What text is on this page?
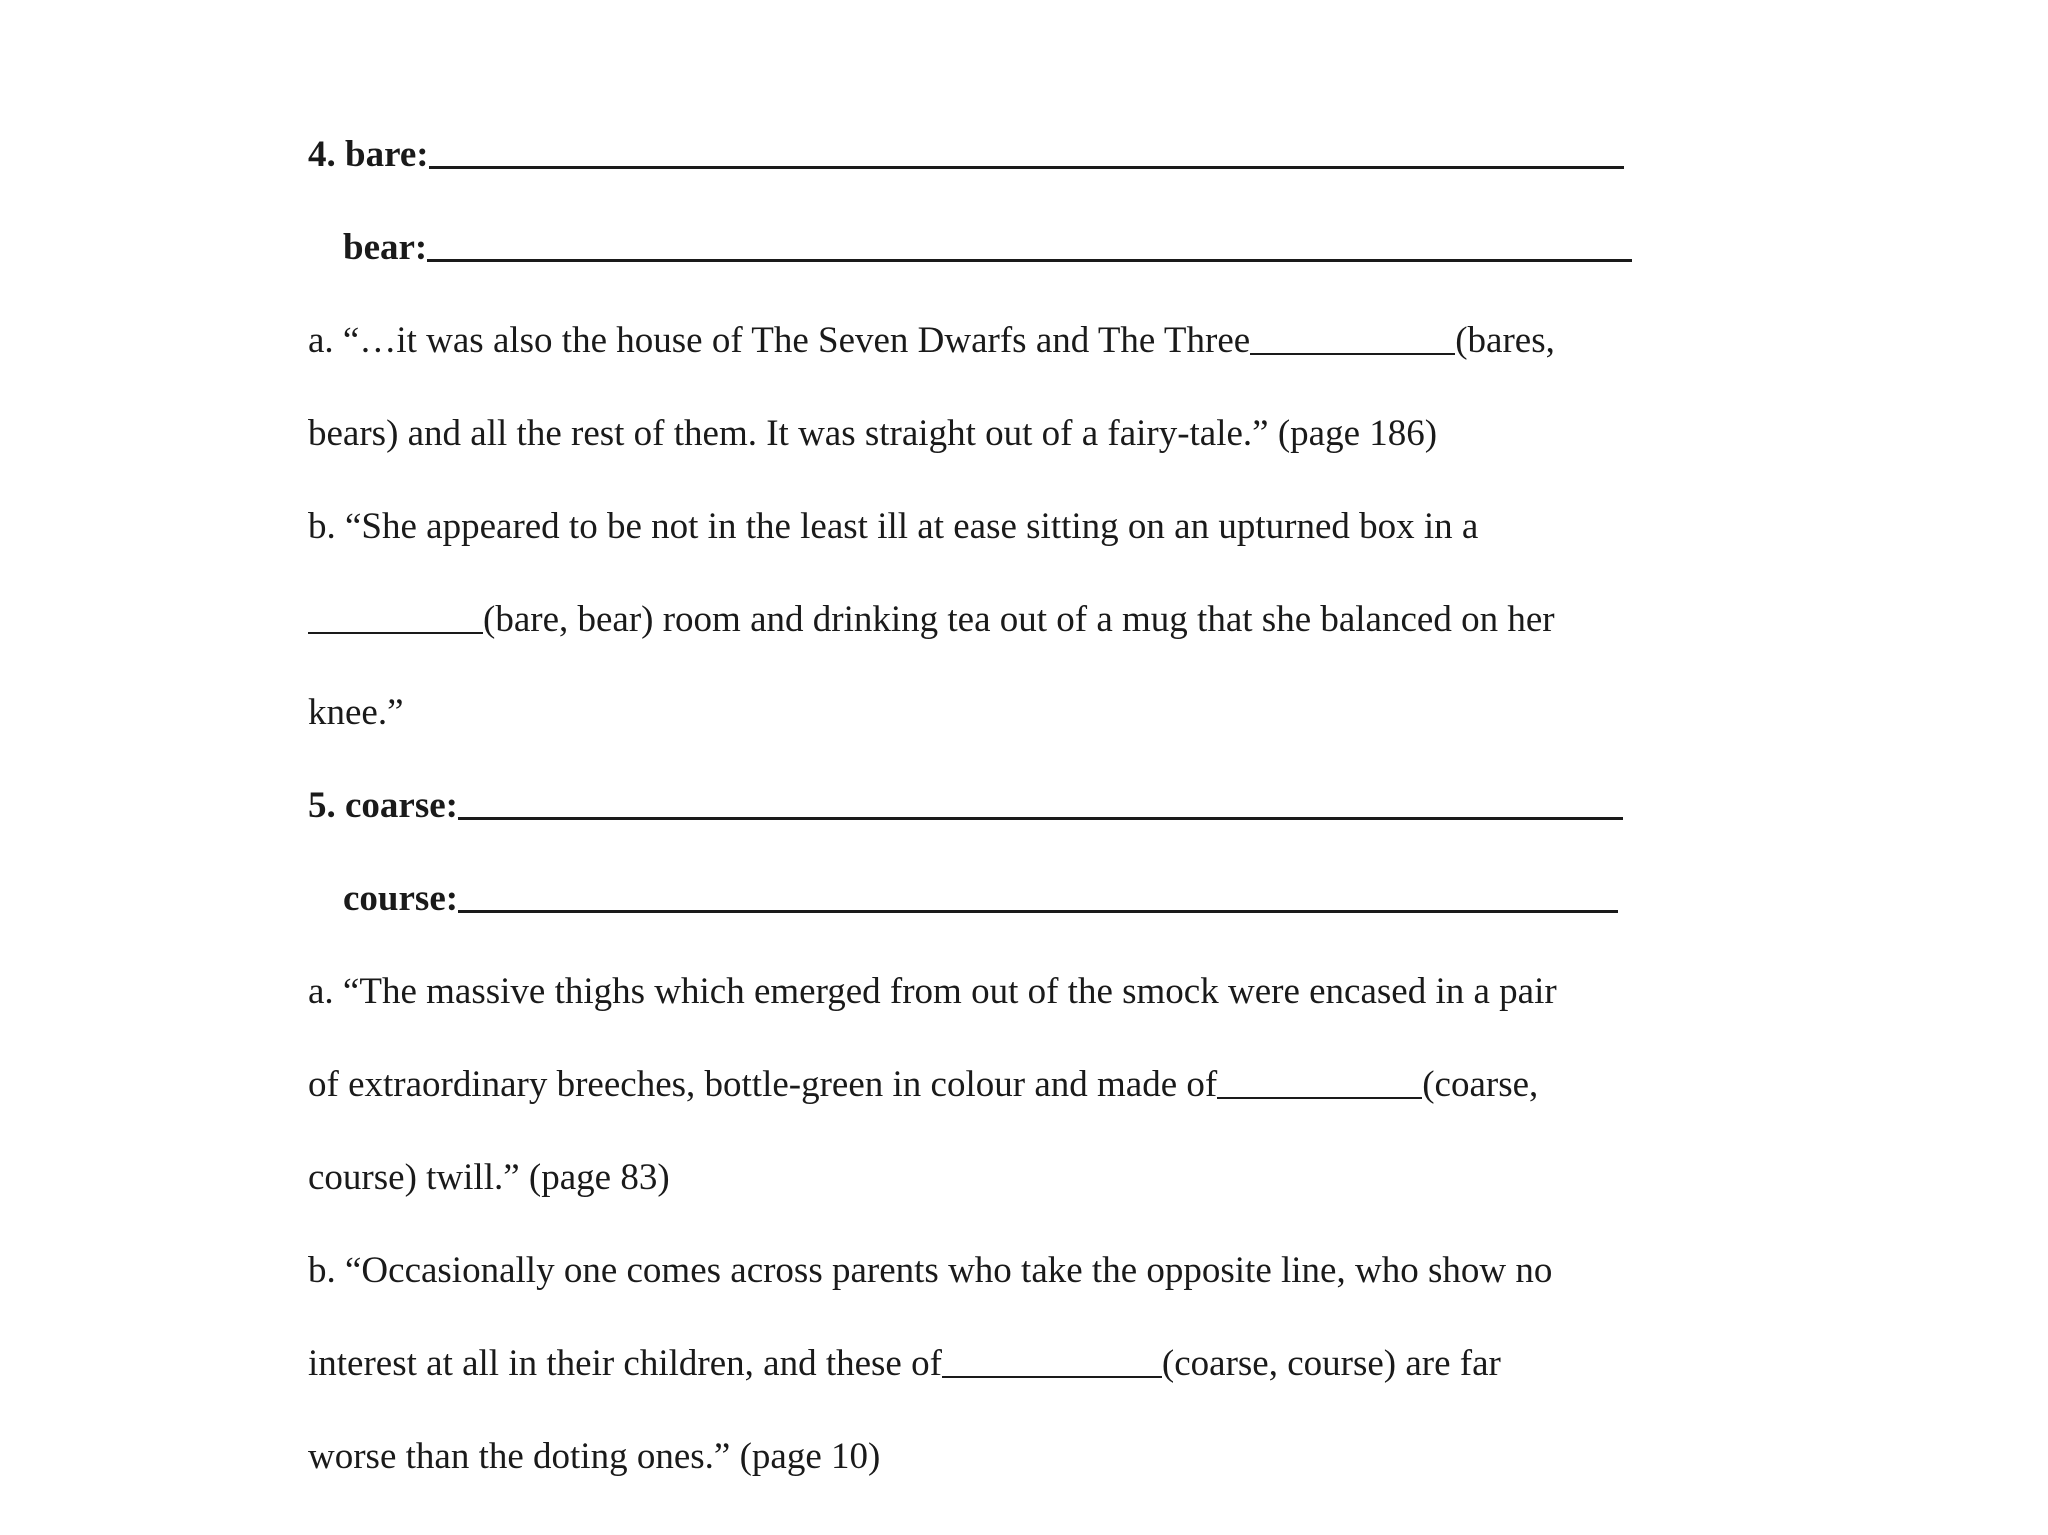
4. bare:
bear:
a. “…it was also the house of The Seven Dwarfs and The Three	(bares,
bears) and all the rest of them. It was straight out of a fairy-tale.” (page 186)
b. “She appeared to be not in the least ill at ease sitting on an upturned box in a
(bare, bear) room and drinking tea out of a mug that she balanced on her
knee.”
5. coarse:
course:
a. “The massive thighs which emerged from out of the smock were encased in a pair
of extraordinary breeches, bottle-green in colour and made of	(coarse,
course) twill.” (page 83)
b. “Occasionally one comes across parents who take the opposite line, who show no
interest at all in their children, and these of	(coarse, course) are far
worse than the doting ones.” (page 10)
